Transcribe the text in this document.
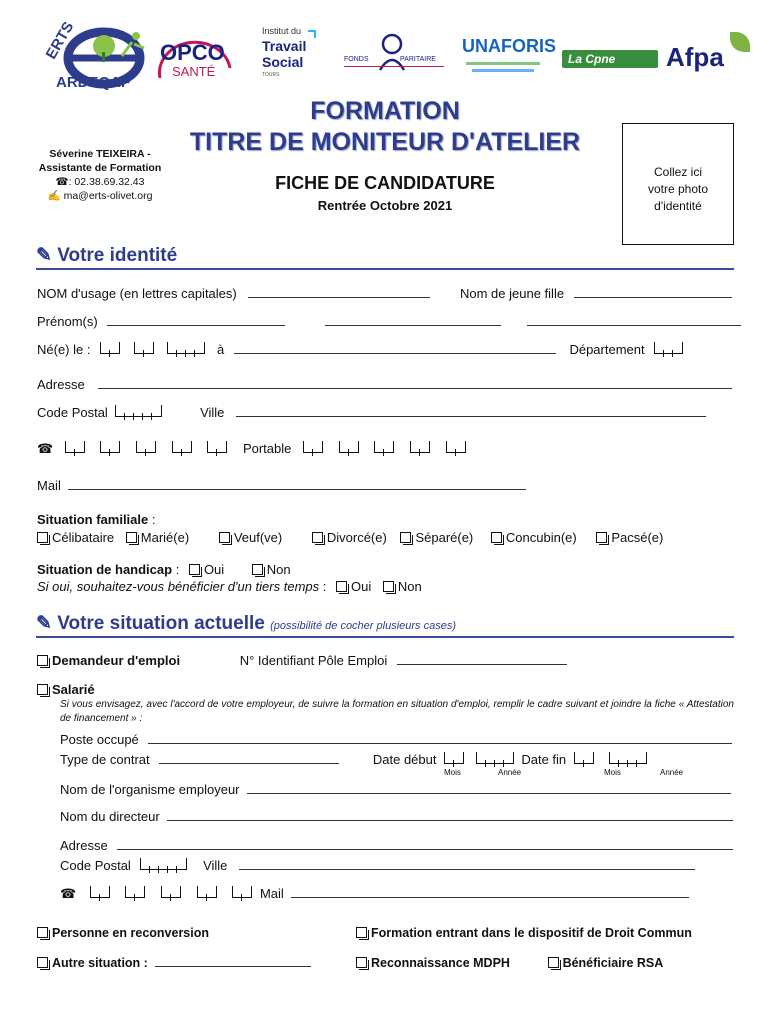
ERTS
ARDEQAF
OPCO
SANTÉ
Institut du
Travail
Social
TOURS
FONDS	PARITAIRE
UNAFORIS
La Cpne Afpa
Séverine TEIXEIRA -
Assistante de Formation
☎: 02.38.69.32.43
✍ ma@erts-olivet.org
FORMATION
TITRE DE MONITEUR D'ATELIER
FICHE DE CANDIDATURE
Rentrée Octobre 2021
Collez ici
votre photo
d'identité
✎ Votre identité
NOM d'usage (en lettres capitales)	Nom de jeune fille
Prénom(s)
Né(e) le :	à	Département
Adresse
Code Postal	Ville
☎	Portable
Mail
Situation familiale :
Célibataire Marié(e)	Veuf(ve)	Divorcé(e) Séparé(e)	Concubin(e)	Pacsé(e)
Situation de handicap : Oui	Non
Si oui, souhaitez-vous bénéficier d'un tiers temps : Oui Non
✎ Votre situation actuelle (possibilité de cocher plusieurs cases)
Demandeur d'emploi	N° Identifiant Pôle Emploi
Salarié
Si vous envisagez, avec l'accord de votre employeur, de suivre la formation en situation d'emploi, remplir le cadre suivant et joindre la fiche « Attestation de financement » :
Poste occupé
Type de contrat	Date début	Date fin
Mois	Année	Mois	Année
Nom de l'organisme employeur
Nom du directeur
Adresse
Code Postal	Ville
☎	Mail
Personne en reconversion	Formation entrant dans le dispositif de Droit Commun
Autre situation :	Reconnaissance MDPH	Bénéficiaire RSA
